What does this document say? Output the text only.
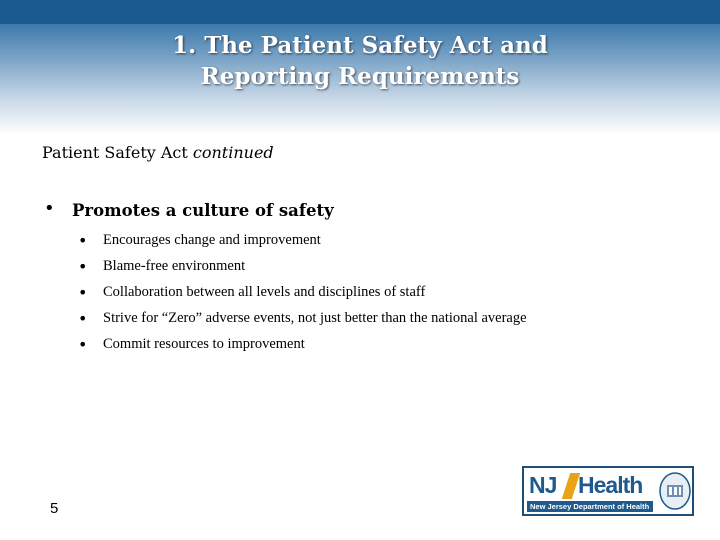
1. The Patient Safety Act and
Reporting Requirements
Patient Safety Act continued
• Promotes a culture of safety
• Encourages change and improvement
• Blame-free environment
• Collaboration between all levels and disciplines of staff
• Strive for “Zero” adverse events, not just better than the national average
• Commit resources to improvement
5
NJ Health
New Jersey Department of Health
